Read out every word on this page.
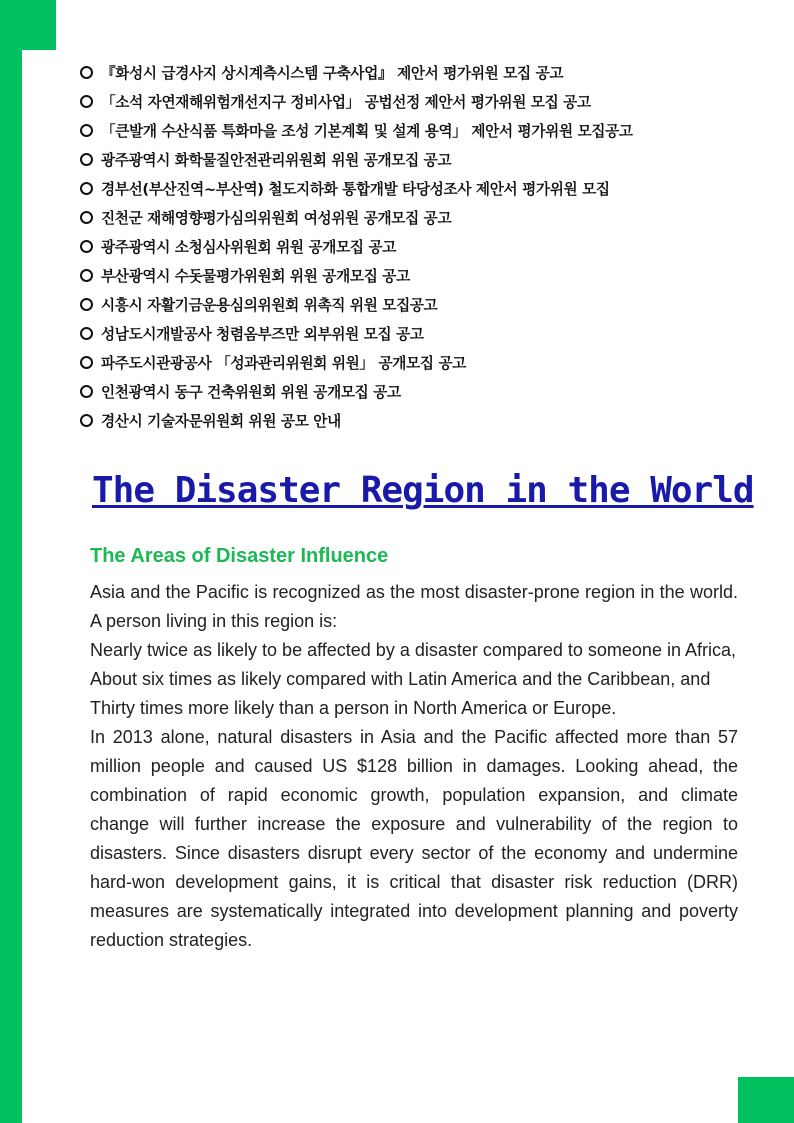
『화성시 급경사지 상시계측시스템 구축사업』 제안서 평가위원 모집 공고
「소석 자연재해위험개선지구 정비사업」 공법선정 제안서 평가위원 모집 공고
「큰발개 수산식품 특화마을 조성 기본계획 및 설계 용역」 제안서 평가위원 모집공고
광주광역시 화학물질안전관리위원회 위원 공개모집 공고
경부선(부산진역~부산역) 철도지하화 통합개발 타당성조사 제안서 평가위원 모집
진천군 재해영향평가심의위원회 여성위원 공개모집 공고
광주광역시 소청심사위원회 위원 공개모집 공고
부산광역시 수돗물평가위원회 위원 공개모집 공고
시흥시 자활기금운용심의위원회 위촉직 위원 모집공고
성남도시개발공사 청렴옴부즈만 외부위원 모집 공고
파주도시관광공사 「성과관리위원회 위원」 공개모집 공고
인천광역시 동구 건축위원회 위원 공개모집 공고
경산시 기술자문위원회 위원 공모 안내
The Disaster Region in the World
The Areas of Disaster Influence

Asia and the Pacific is recognized as the most disaster-prone region in the world. A person living in this region is:

Nearly twice as likely to be affected by a disaster compared to someone in Africa,

About six times as likely compared with Latin America and the Caribbean, and

Thirty times more likely than a person in North America or Europe.

In 2013 alone, natural disasters in Asia and the Pacific affected more than 57 million people and caused US $128 billion in damages. Looking ahead, the combination of rapid economic growth, population expansion, and climate change will further increase the exposure and vulnerability of the region to disasters. Since disasters disrupt every sector of the economy and undermine hard-won development gains, it is critical that disaster risk reduction (DRR) measures are systematically integrated into development planning and poverty reduction strategies.
